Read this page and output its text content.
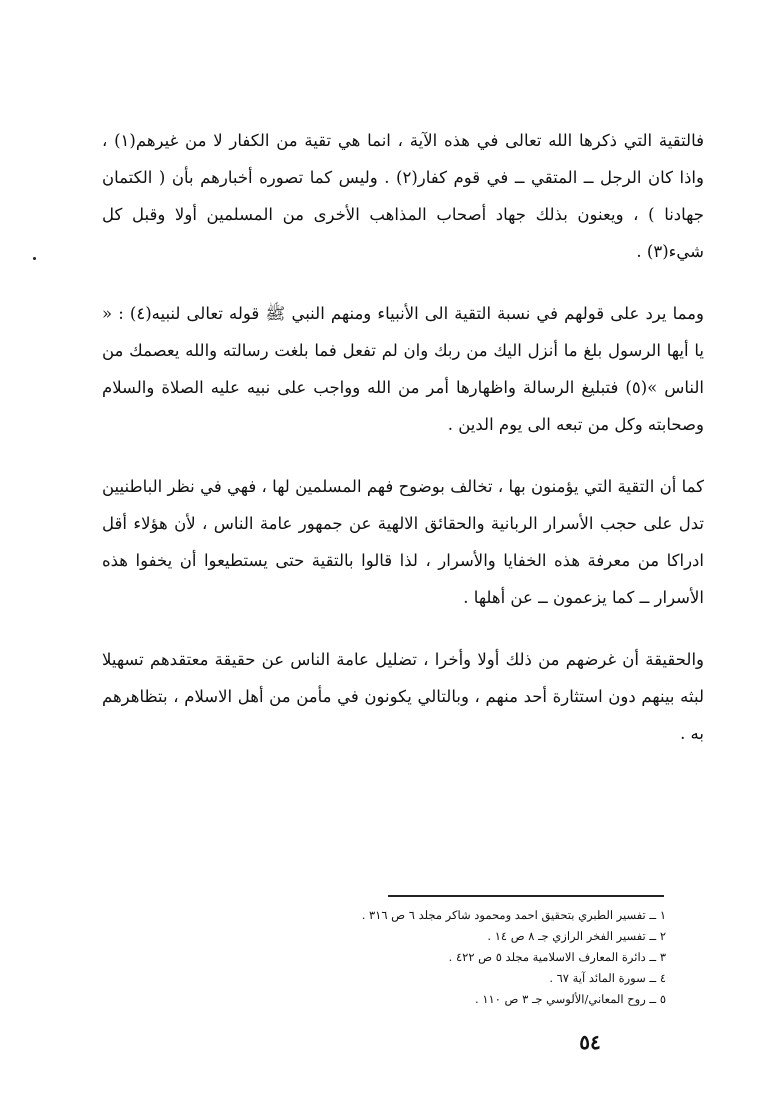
فالتقية التي ذكرها الله تعالى في هذه الآية ، انما هي تقية من الكفار لا من غيرهم(١) ، واذا كان الرجل ــ المتقي ــ في قوم كفار(٢) . وليس كما تصوره أخبارهم بأن ( الكتمان جهادنا ) ، ويعنون بذلك جهاد أصحاب المذاهب الأخرى من المسلمين أولا وقبل كل شيء(٣) .

ومما يرد على قولهم في نسبة التقية الى الأنبياء ومنهم النبي ﷺ قوله تعالى لنبيه(٤) : « يا أيها الرسول بلغ ما أنزل اليك من ربك وان لم تفعل فما بلغت رسالته والله يعصمك من الناس »(٥) فتبليغ الرسالة واظهارها أمر من الله وواجب على نبيه عليه الصلاة والسلام وصحابته وكل من تبعه الى يوم الدين .

كما أن التقية التي يؤمنون بها ، تخالف بوضوح فهم المسلمين لها ، فهي في نظر الباطنيين تدل على حجب الأسرار الربانية والحقائق الالهية عن جمهور عامة الناس ، لأن هؤلاء أقل ادراكا من معرفة هذه الخفايا والأسرار ، لذا قالوا بالتقية حتى يستطيعوا أن يخفوا هذه الأسرار ــ كما يزعمون ــ عن أهلها .

والحقيقة أن غرضهم من ذلك أولا وأخرا ، تضليل عامة الناس عن حقيقة معتقدهم تسهيلا لبثه بينهم دون استثارة أحد منهم ، وبالتالي يكونون في مأمن من أهل الاسلام ، بتظاهرهم به .

١ ــ تفسير الطبري بتحقيق احمد ومحمود شاكر مجلد ٦ ص ٣١٦ .
٢ ــ تفسير الفخر الرازي جـ ٨ ص ١٤ .
٣ ــ دائرة المعارف الاسلامية مجلد ٥ ص ٤٢٢ .
٤ ــ سورة المائد آية ٦٧ .
٥ ــ روح المعاني/الألوسي جـ ٣ ص ١١٠ .
٥٤
